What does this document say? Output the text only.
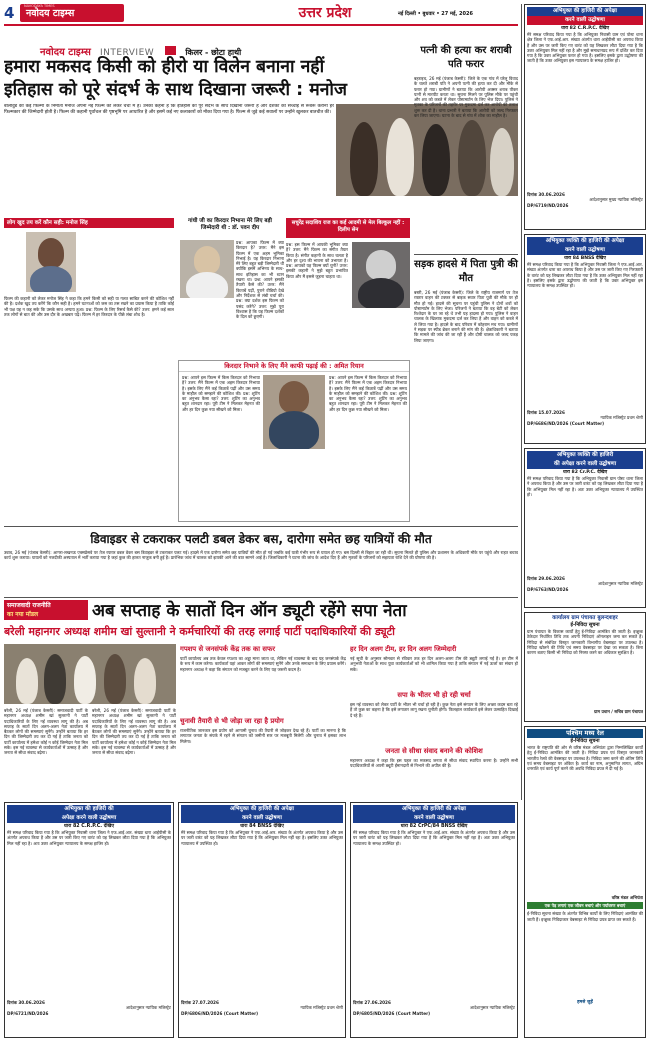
4	NAVODAYA TIMES
नवोदय टाइम्स	उत्तर प्रदेश	नई दिल्ली • बुधवार • 27 मई, 2026
नवोदय टाइम्स INTERVIEW	किलर - छोटा हाथी
हमारा मकसद किसी को हीरो या विलेन बनाना नहीं
इतिहास को पूरे संदर्भ के साथ दिखाना जरूरी : मनोज
बॉलीवुड की कई फिल्मों के निर्माता मनोज अपनी नई फिल्म को लेकर चर्चा में हैं। उनका कहना है कि इतिहास को पूरे संदर्भ के साथ दिखाना जरूरी है और दर्शकों को सच्चाई से रूबरू कराना हर फिल्मकार की जिम्मेदारी होती है। फिल्म की कहानी पूर्वांचल की पृष्ठभूमि पर आधारित है और इसमें कई नए कलाकारों को मौका दिया गया है। फिल्म से जुड़े कई सवालों पर उन्होंने खुलकर बातचीत की।
लोग खुद तय करें कौन सही: मनोज सिंह
फिल्म की कहानी को लेकर मनोज सिंह ने कहा कि हमने किसी को सही या गलत साबित करने की कोशिश नहीं की है। दर्शक खुद तय करेंगे कि कौन सही है। हमने घटनाओं को जस का तस रखने का प्रयास किया है ताकि कोई भी पक्ष यह न कह सके कि उसके साथ अन्याय हुआ। प्रश्न: फिल्म के लिए रिसर्च कैसे की? उत्तर: हमने कई साल तक लोगों से बात की और उस दौर के अखबार पढ़े। फिल्म में हर किरदार के पीछे लंबा शोध है।
गांधी जी का किरदार निभाना मेरे लिए बड़ी जिम्मेदारी थी : डॉ. पवन दीप
प्रश्न: आपका फिल्म में क्या किरदार है? उत्तर: मैंने इस फिल्म में एक अहम भूमिका निभाई है। यह किरदार निभाना मेरे लिए बहुत बड़ी जिम्मेदारी थी क्योंकि इसमें अभिनय के साथ-साथ इतिहास का भी ध्यान रखना था। प्रश्न: आपने इसकी तैयारी कैसे की? उत्तर: मैंने किताबें पढ़ीं, पुराने वीडियो देखे और निर्देशक से लंबी चर्चा की। प्रश्न: क्या दर्शक इस फिल्म को पसंद करेंगे? उत्तर: मुझे पूरा विश्वास है कि यह फिल्म दर्शकों के दिल को छुएगी।
सचुरेंद्र सदाशिव राज का कई आदमी से मेल बिल्कुल नहीं : दिलीप सेन
प्रश्न: इस फिल्म में आपकी भूमिका क्या है? उत्तर: मैंने फिल्म का संगीत तैयार किया है। संगीत कहानी के साथ चलता है और हर दृश्य की भावना को उभारता है। प्रश्न: आपको यह फिल्म क्यों चुनी? उत्तर: इसकी कहानी ने मुझे बहुत प्रभावित किया और मैं इससे जुड़ना चाहता था।
किरदार निभाने के लिए मैंने काफी पढ़ाई की : अमित रियान
प्रश्न: आपने इस फिल्म में किस किरदार को निभाया है? उत्तर: मैंने फिल्म में एक अहम किरदार निभाया है। इसके लिए मैंने कई किताबें पढ़ीं और उस समय के माहौल को समझने की कोशिश की। प्रश्न: शूटिंग का अनुभव कैसा रहा? उत्तर: शूटिंग का अनुभव बहुत शानदार रहा। पूरी टीम ने मिलकर मेहनत की और हर दिन कुछ नया सीखने को मिला।
प्रश्न: आपने इस फिल्म में किस किरदार को निभाया है? उत्तर: मैंने फिल्म में एक अहम किरदार निभाया है। इसके लिए मैंने कई किताबें पढ़ीं और उस समय के माहौल को समझने की कोशिश की। प्रश्न: शूटिंग का अनुभव कैसा रहा? उत्तर: शूटिंग का अनुभव बहुत शानदार रहा। पूरी टीम ने मिलकर मेहनत की और हर दिन कुछ नया सीखने को मिला।
पत्नी की हत्या कर शराबी पति फरार
बहराइच, 26 मई (पंजाब केसरी): जिले के एक गांव में घरेलू विवाद के चलते शराबी पति ने अपनी पत्नी की हत्या कर दी और मौके से फरार हो गया। ग्रामीणों ने बताया कि आरोपी अक्सर शराब पीकर पत्नी से मारपीट करता था। सूचना मिलने पर पुलिस मौके पर पहुंची और शव को कब्जे में लेकर पोस्टमार्टम के लिए भेज दिया। पुलिस ने मृतका के परिजनों की तहरीर पर मुकदमा दर्ज कर आरोपी की तलाश शुरू कर दी है। थाना प्रभारी ने बताया कि आरोपी को जल्द गिरफ्तार कर लिया जाएगा। घटना के बाद से गांव में शोक का माहौल है।
सड़क हादसे में पिता पुत्री की मौत
बस्ती, 26 मई (पंजाब केसरी): जिले के राष्ट्रीय राजमार्ग पर तेज रफ्तार वाहन की टक्कर से बाइक सवार पिता पुत्री की मौके पर ही मौत हो गई। हादसे की सूचना पर पहुंची पुलिस ने दोनों शवों को पोस्टमार्टम के लिए भेजा। परिजनों ने बताया कि वह बेटी को लेकर रिश्तेदार के घर जा रहे थे तभी यह हादसा हो गया। पुलिस ने वाहन चालक के खिलाफ मुकदमा दर्ज कर लिया है और वाहन को कब्जे में ले लिया गया है। हादसे के बाद परिवार में कोहराम मच गया। ग्रामीणों ने सड़क पर स्पीड ब्रेकर बनाने की मांग की है। क्षेत्राधिकारी ने बताया कि मामले की जांच की जा रही है और दोषी चालक को जल्द पकड़ लिया जाएगा।
डिवाइडर से टकराकर पलटी डबल डेकर बस, दारोगा समेत छह यात्रियों की मौत
उन्नाव, 26 मई (पंजाब केसरी): आगरा-लखनऊ एक्सप्रेसवे पर तेज रफ्तार डबल डेकर बस डिवाइडर से टकराकर पलट गई। हादसे में एक दारोगा समेत छह यात्रियों की मौत हो गई जबकि कई यात्री गंभीर रूप से घायल हो गए। बस दिल्ली से बिहार जा रही थी। सूचना मिलते ही पुलिस और प्रशासन के अधिकारी मौके पर पहुंचे और राहत बचाव कार्य शुरू कराया। घायलों को नजदीकी अस्पताल में भर्ती कराया गया है जहां कुछ की हालत नाजुक बनी हुई है। प्रारंभिक जांच में चालक को झपकी आने की बात सामने आई है। जिलाधिकारी ने घटना की जांच के आदेश दिए हैं और मृतकों के परिजनों को सहायता राशि देने की घोषणा की है।
समाजवादी राजनीति
का नया मॉडल	अब सप्ताह के सातों दिन ऑन ड्यूटी रहेंगे सपा नेता
बरेली महानगर अध्यक्ष शमीम खां सुल्तानी ने कर्मचारियों की तरह लगाई पार्टी पदाधिकारियों की ड्यूटी
बरेली, 26 मई (पंजाब केसरी): समाजवादी पार्टी के महानगर अध्यक्ष शमीम खां सुल्तानी ने पार्टी पदाधिकारियों के लिए नई व्यवस्था लागू की है। अब सप्ताह के सातों दिन अलग-अलग नेता कार्यालय में बैठकर लोगों की समस्याएं सुनेंगे। उन्होंने बताया कि हर दिन की जिम्मेदारी तय कर दी गई है ताकि जनता को पार्टी कार्यालय में हमेशा कोई न कोई जिम्मेदार नेता मिल सके। इस नई व्यवस्था से कार्यकर्ताओं में उत्साह है और जनता से सीधा संवाद बढ़ेगा।
बरेली, 26 मई (पंजाब केसरी): समाजवादी पार्टी के महानगर अध्यक्ष शमीम खां सुल्तानी ने पार्टी पदाधिकारियों के लिए नई व्यवस्था लागू की है। अब सप्ताह के सातों दिन अलग-अलग नेता कार्यालय में बैठकर लोगों की समस्याएं सुनेंगे। उन्होंने बताया कि हर दिन की जिम्मेदारी तय कर दी गई है ताकि जनता को पार्टी कार्यालय में हमेशा कोई न कोई जिम्मेदार नेता मिल सके। इस नई व्यवस्था से कार्यकर्ताओं में उत्साह है और जनता से सीधा संवाद बढ़ेगा।
गपशप से जनसंपर्क केंद्र तक का सफर
पार्टी कार्यालय अब तक केवल गपशप का अड्डा माना जाता था, लेकिन नई व्यवस्था के बाद यह जनसंपर्क केंद्र के रूप में काम करेगा। कार्यकर्ता यहां आकर लोगों की समस्याएं सुनेंगे और उनके समाधान के लिए प्रयास करेंगे। महानगर अध्यक्ष ने कहा कि संगठन को मजबूत करने के लिए यह जरूरी कदम है।
चुनावी तैयारी से भी जोड़ा जा रहा है प्रयोग
राजनीतिक जानकार इस प्रयोग को आगामी चुनाव की तैयारी से जोड़कर देख रहे हैं। पार्टी का मानना है कि लगातार जनता के संपर्क में रहने से संगठन को जमीनी स्तर पर मजबूती मिलेगी और चुनाव में इसका लाभ मिलेगा।
हर दिन अलग टीम, हर दिन अलग जिम्मेदारी
नई सूची के अनुसार सोमवार से रविवार तक हर दिन अलग-अलग टीम की ड्यूटी लगाई गई है। हर टीम में अनुभवी नेताओं के साथ युवा कार्यकर्ताओं को भी शामिल किया गया है ताकि संगठन में नई ऊर्जा का संचार हो सके।
सपा के भीतर भी हो रही चर्चा
इस नई व्यवस्था को लेकर पार्टी के भीतर भी चर्चा हो रही है। कुछ नेता इसे संगठन के लिए अच्छा कदम बता रहे हैं तो कुछ का कहना है कि इसे लगातार लागू रखना चुनौती होगी। फिलहाल कार्यकर्ता इसे लेकर उत्साहित दिखाई दे रहे हैं।
जनता से सीधा संवाद बनाने की कोशिश
महानगर अध्यक्ष ने कहा कि इस पहल का मकसद जनता से सीधा संवाद स्थापित करना है। उन्होंने सभी पदाधिकारियों से अपनी ड्यूटी ईमानदारी से निभाने की अपील की है।
अभियुक्त की हाजिरी की अपेक्षा
करने वाली उद्घोषणा
धारा 82 C.R.P.C. देखिए
मेरे समक्ष परिवाद किया गया है कि अभियुक्त निवासी ग्राम एवं पोस्ट थाना क्षेत्र जिला ने एफ.आई.आर. संख्या अंतर्गत धारा आईपीसी का अपराध किया है और उस पर जारी किए गए वारंट को यह लिखकर लौटा दिया गया है कि उक्त अभियुक्त मिल नहीं रहा है और मुझे समाधानप्रद रूप में दर्शित कर दिया गया है कि उक्त अभियुक्त फरार हो गया है। इसलिए इसके द्वारा उद्घोषणा की जाती है कि उक्त अभियुक्त इस न्यायालय के समक्ष हाजिर हो।
दिनांक 30.06.2026
आदेशानुसार मुख्य न्यायिक मजिस्ट्रेट
DP/6719/ND/2026
अभियुक्त व्यक्ति की हाजिरी की अपेक्षा
करने वाली उद्घोषणा
धारा 84 BNSS देखिए
मेरे समक्ष परिवाद किया गया है कि अभियुक्त निवासी जिला ने एफ.आई.आर. संख्या अंतर्गत धारा का अपराध किया है और उस पर जारी किए गए गिरफ्तारी के वारंट को यह लिखकर लौटा दिया गया है कि उक्त अभियुक्त मिल नहीं रहा है। इसलिए इसके द्वारा उद्घोषणा की जाती है कि उक्त अभियुक्त इस न्यायालय के समक्ष उपस्थित हो।
दिनांक 15.07.2026
न्यायिक मजिस्ट्रेट प्रथम श्रेणी
DP/6686/ND/2026 (Court Matter)
अभियुक्त व्यक्ति की हाजिरी
की अपेक्षा करने वाली उद्घोषणा
धारा 82 Cr.P.C. देखिए
मेरे समक्ष परिवाद किया गया है कि अभियुक्त निवासी ग्राम पोस्ट थाना जिला ने अपराध किया है और उस पर जारी वारंट को यह लिखकर लौटा दिया गया है कि अभियुक्त मिल नहीं रहा है। अतः उक्त अभियुक्त न्यायालय में उपस्थित हो।
दिनांक 29.06.2026
आदेशानुसार न्यायिक मजिस्ट्रेट
DP/6763/ND/2026
कार्यालय ग्राम पंचायत बुलन्दशहर
ई-निविदा सूचना
ग्राम पंचायत के विकास कार्यों हेतु ई-निविदा आमंत्रित की जाती है। इच्छुक ठेकेदार निर्धारित तिथि तक अपनी निविदाएं ऑनलाइन जमा कर सकते हैं। निविदा से संबंधित विस्तृत जानकारी विभागीय वेबसाइट पर उपलब्ध है। निविदा खोलने की तिथि एवं समय वेबसाइट पर देखा जा सकता है। बिना कारण बताए किसी भी निविदा को निरस्त करने का अधिकार सुरक्षित है।
ग्राम प्रधान / सचिव ग्राम पंचायत
पश्चिम मध्य रेल
ई-निविदा सूचना
भारत के राष्ट्रपति की ओर से वरिष्ठ मंडल अभियंता द्वारा निम्नलिखित कार्यों हेतु ई-निविदा आमंत्रित की जाती है। निविदा प्रपत्र एवं विस्तृत जानकारी भारतीय रेलवे की वेबसाइट पर उपलब्ध है। निविदा जमा करने की अंतिम तिथि एवं समय वेबसाइट पर अंकित है। कार्य का नाम, अनुमानित लागत, अग्रिम धनराशि एवं कार्य पूर्ण करने की अवधि निविदा प्रपत्र में दी गई है।
वरिष्ठ मंडल अभियंता
एक पेड़ लगाएं एक जीवन बचाएं और पर्यावरण बचाएं
ई-निविदा सूचना संख्या के अंतर्गत विभिन्न कार्यों के लिए निविदाएं आमंत्रित की जाती हैं। इच्छुक निविदाकार वेबसाइट से निविदा प्रपत्र प्राप्त कर सकते हैं।
हमसे जुड़ें
अभियुक्त की हाजिरी की
अपेक्षा करने वाली उद्घोषणा
धारा 82 C.R.P.C. देखिए
मेरे समक्ष परिवाद किया गया है कि अभियुक्त निवासी थाना जिला ने एफ.आई.आर. संख्या धारा आईपीसी के अंतर्गत अपराध किया है और उस पर जारी किए गए वारंट को यह लिखकर लौटा दिया गया है कि अभियुक्त मिल नहीं रहा है। अतः उक्त अभियुक्त न्यायालय के समक्ष हाजिर हो।
दिनांक 30.06.2026
आदेशानुसार न्यायिक मजिस्ट्रेट
DP/6721/ND/2026
अभियुक्त की हाजिरी की अपेक्षा
करने वाली उद्घोषणा
धारा 84 BNSS देखिए
मेरे समक्ष परिवाद किया गया है कि अभियुक्त ने एफ.आई.आर. संख्या के अंतर्गत अपराध किया है और उस पर जारी वारंट को यह लिखकर लौटा दिया गया है कि अभियुक्त मिल नहीं रहा है। इसलिए उक्त अभियुक्त न्यायालय में उपस्थित हो।
दिनांक 27.07.2026
न्यायिक मजिस्ट्रेट प्रथम श्रेणी
DP/6806/ND/2026 (Court Matter)
अभियुक्त की हाजिरी की अपेक्षा
करने वाली उद्घोषणा
धारा 82 CrPC/84 BNSS देखिए
मेरे समक्ष परिवाद किया गया है कि अभियुक्त ने एफ.आई.आर. संख्या के अंतर्गत अपराध किया है और उस पर जारी वारंट को यह लिखकर लौटा दिया गया है कि अभियुक्त मिल नहीं रहा है। अतः उक्त अभियुक्त न्यायालय के समक्ष उपस्थित हो।
दिनांक 27.06.2026
आदेशानुसार न्यायिक मजिस्ट्रेट
DP/6805/ND/2026 (Court Matter)
